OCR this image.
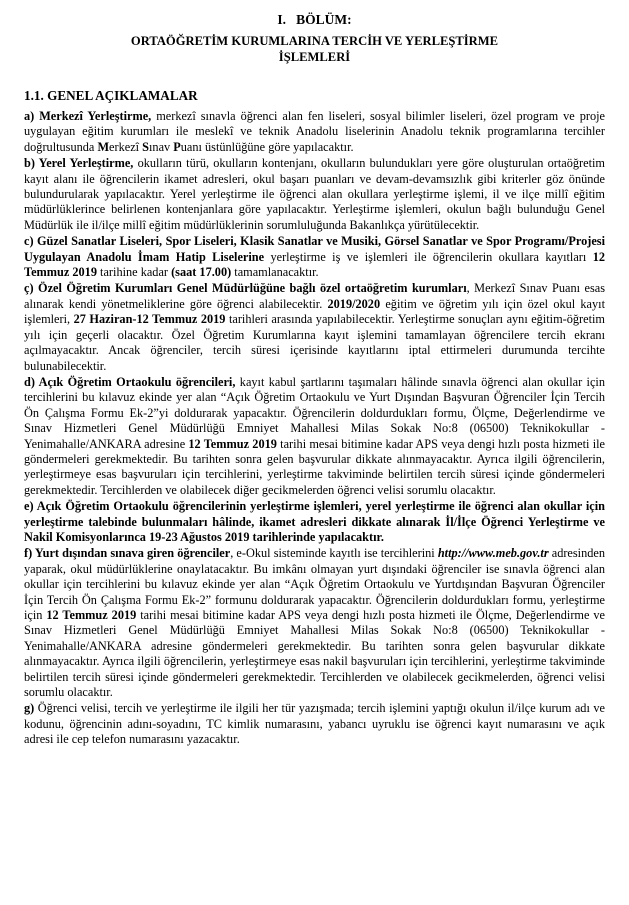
I. BÖLÜM:
ORTAÖĞRETİM KURUMLARINA TERCİH VE YERLEŞTİRME
İŞLEMLERİ
1.1. GENEL AÇIKLAMALAR

a) Merkezî Yerleştirme, merkezî sınavla öğrenci alan fen liseleri, sosyal bilimler liseleri, özel program ve proje uygulayan eğitim kurumları ile meslekî ve teknik Anadolu liselerinin Anadolu teknik programlarına tercihler doğrultusunda Merkezî Sınav Puanı üstünlüğüne göre yapılacaktır.

b) Yerel Yerleştirme, okulların türü, okulların kontenjanı, okulların bulundukları yere göre oluşturulan ortaöğretim kayıt alanı ile öğrencilerin ikamet adresleri, okul başarı puanları ve devam-devamsızlık gibi kriterler göz önünde bulundurularak yapılacaktır. Yerel yerleştirme ile öğrenci alan okullara yerleştirme işlemi, il ve ilçe millî eğitim müdürlüklerince belirlenen kontenjanlara göre yapılacaktır. Yerleştirme işlemleri, okulun bağlı bulunduğu Genel Müdürlük ile il/ilçe millî eğitim müdürlüklerinin sorumluluğunda Bakanlıkça yürütülecektir.

c) Güzel Sanatlar Liseleri, Spor Liseleri, Klasik Sanatlar ve Musiki, Görsel Sanatlar ve Spor Programı/Projesi Uygulayan Anadolu İmam Hatip Liselerine yerleştirme iş ve işlemleri ile öğrencilerin okullara kayıtları 12 Temmuz 2019 tarihine kadar (saat 17.00) tamamlanacaktır.

ç) Özel Öğretim Kurumları Genel Müdürlüğüne bağlı özel ortaöğretim kurumları, Merkezî Sınav Puanı esas alınarak kendi yönetmeliklerine göre öğrenci alabilecektir. 2019/2020 eğitim ve öğretim yılı için özel okul kayıt işlemleri, 27 Haziran-12 Temmuz 2019 tarihleri arasında yapılabilecektir. Yerleştirme sonuçları aynı eğitim-öğretim yılı için geçerli olacaktır. Özel Öğretim Kurumlarına kayıt işlemini tamamlayan öğrencilere tercih ekranı açılmayacaktır. Ancak öğrenciler, tercih süresi içerisinde kayıtlarını iptal ettirmeleri durumunda tercihte bulunabilecektir.

d) Açık Öğretim Ortaokulu öğrencileri, kayıt kabul şartlarını taşımaları hâlinde sınavla öğrenci alan okullar için tercihlerini bu kılavuz ekinde yer alan “Açık Öğretim Ortaokulu ve Yurt Dışından Başvuran Öğrenciler İçin Tercih Ön Çalışma Formu Ek-2”yi doldurarak yapacaktır. Öğrencilerin doldurdukları formu, Ölçme, Değerlendirme ve Sınav Hizmetleri Genel Müdürlüğü Emniyet Mahallesi Milas Sokak No:8 (06500) Teknikokullar - Yenimahalle/ANKARA adresine 12 Temmuz 2019 tarihi mesai bitimine kadar APS veya dengi hızlı posta hizmeti ile göndermeleri gerekmektedir. Bu tarihten sonra gelen başvurular dikkate alınmayacaktır. Ayrıca ilgili öğrencilerin, yerleştirmeye esas başvuruları için tercihlerini, yerleştirme takviminde belirtilen tercih süresi içinde göndermeleri gerekmektedir. Tercihlerden ve olabilecek diğer gecikmelerden öğrenci velisi sorumlu olacaktır.

e) Açık Öğretim Ortaokulu öğrencilerinin yerleştirme işlemleri, yerel yerleştirme ile öğrenci alan okullar için yerleştirme talebinde bulunmaları hâlinde, ikamet adresleri dikkate alınarak İl/İlçe Öğrenci Yerleştirme ve Nakil Komisyonlarınca 19-23 Ağustos 2019 tarihlerinde yapılacaktır.

f) Yurt dışından sınava giren öğrenciler, e-Okul sisteminde kayıtlı ise tercihlerini http://www.meb.gov.tr adresinden yaparak, okul müdürlüklerine onaylatacaktır. Bu imkânı olmayan yurt dışındaki öğrenciler ise sınavla öğrenci alan okullar için tercihlerini bu kılavuz ekinde yer alan “Açık Öğretim Ortaokulu ve Yurtdışından Başvuran Öğrenciler İçin Tercih Ön Çalışma Formu Ek-2” formunu doldurarak yapacaktır. Öğrencilerin doldurdukları formu, yerleştirme için 12 Temmuz 2019 tarihi mesai bitimine kadar APS veya dengi hızlı posta hizmeti ile Ölçme, Değerlendirme ve Sınav Hizmetleri Genel Müdürlüğü Emniyet Mahallesi Milas Sokak No:8 (06500) Teknikokullar - Yenimahalle/ANKARA adresine göndermeleri gerekmektedir. Bu tarihten sonra gelen başvurular dikkate alınmayacaktır. Ayrıca ilgili öğrencilerin, yerleştirmeye esas nakil başvuruları için tercihlerini, yerleştirme takviminde belirtilen tercih süresi içinde göndermeleri gerekmektedir. Tercihlerden ve olabilecek gecikmelerden, öğrenci velisi sorumlu olacaktır.

g) Öğrenci velisi, tercih ve yerleştirme ile ilgili her tür yazışmada; tercih işlemini yaptığı okulun il/ilçe kurum adı ve kodunu, öğrencinin adını-soyadını, TC kimlik numarasını, yabancı uyruklu ise öğrenci kayıt numarasını ve açık adresi ile cep telefon numarasını yazacaktır.
